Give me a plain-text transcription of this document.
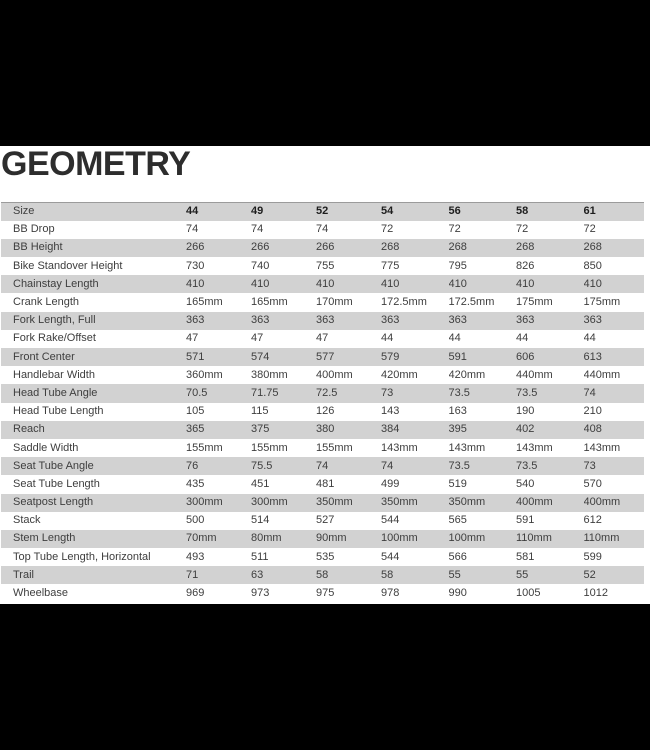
GEOMETRY
Size	44	49	52	54	56	58	61
BB Drop	74	74	74	72	72	72	72
BB Height	266	266	266	268	268	268	268
Bike Standover Height	730	740	755	775	795	826	850
Chainstay Length	410	410	410	410	410	410	410
Crank Length	165mm	165mm	170mm	172.5mm	172.5mm	175mm	175mm
Fork Length, Full	363	363	363	363	363	363	363
Fork Rake/Offset	47	47	47	44	44	44	44
Front Center	571	574	577	579	591	606	613
Handlebar Width	360mm	380mm	400mm	420mm	420mm	440mm	440mm
Head Tube Angle	70.5	71.75	72.5	73	73.5	73.5	74
Head Tube Length	105	115	126	143	163	190	210
Reach	365	375	380	384	395	402	408
Saddle Width	155mm	155mm	155mm	143mm	143mm	143mm	143mm
Seat Tube Angle	76	75.5	74	74	73.5	73.5	73
Seat Tube Length	435	451	481	499	519	540	570
Seatpost Length	300mm	300mm	350mm	350mm	350mm	400mm	400mm
Stack	500	514	527	544	565	591	612
Stem Length	70mm	80mm	90mm	100mm	100mm	110mm	110mm
Top Tube Length, Horizontal	493	511	535	544	566	581	599
Trail	71	63	58	58	55	55	52
Wheelbase	969	973	975	978	990	1005	1012
